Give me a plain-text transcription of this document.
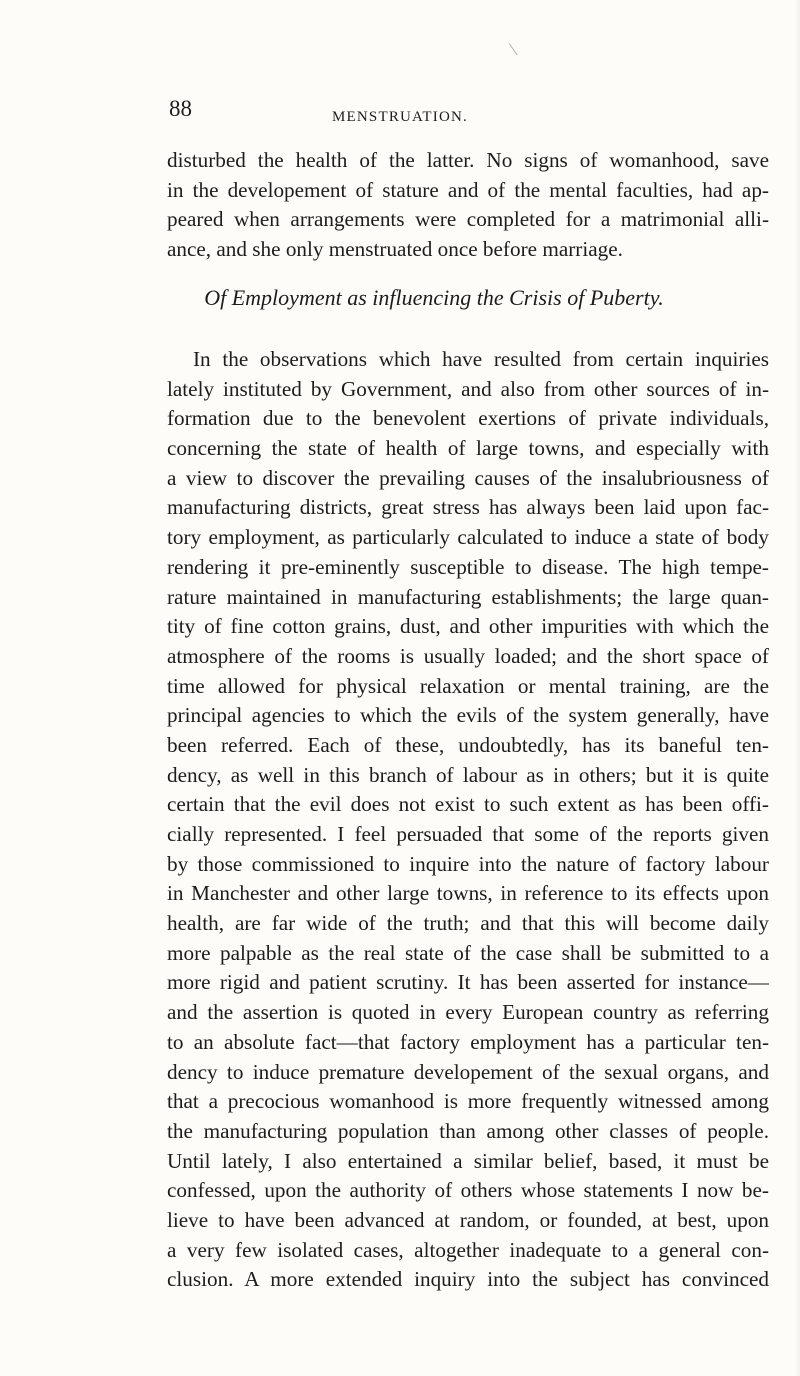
88	MENSTRUATION.
disturbed the health of the latter. No signs of womanhood, save
in the developement of stature and of the mental faculties, had ap-
peared when arrangements were completed for a matrimonial alli-
ance, and she only menstruated once before marriage.
Of Employment as influencing the Crisis of Puberty.
In the observations which have resulted from certain inquiries
lately instituted by Government, and also from other sources of in-
formation due to the benevolent exertions of private individuals,
concerning the state of health of large towns, and especially with
a view to discover the prevailing causes of the insalubriousness of
manufacturing districts, great stress has always been laid upon fac-
tory employment, as particularly calculated to induce a state of body
rendering it pre-eminently susceptible to disease. The high tempe-
rature maintained in manufacturing establishments; the large quan-
tity of fine cotton grains, dust, and other impurities with which the
atmosphere of the rooms is usually loaded; and the short space of
time allowed for physical relaxation or mental training, are the
principal agencies to which the evils of the system generally, have
been referred. Each of these, undoubtedly, has its baneful ten-
dency, as well in this branch of labour as in others; but it is quite
certain that the evil does not exist to such extent as has been offi-
cially represented. I feel persuaded that some of the reports given
by those commissioned to inquire into the nature of factory labour
in Manchester and other large towns, in reference to its effects upon
health, are far wide of the truth; and that this will become daily
more palpable as the real state of the case shall be submitted to a
more rigid and patient scrutiny. It has been asserted for instance—
and the assertion is quoted in every European country as referring
to an absolute fact—that factory employment has a particular ten-
dency to induce premature developement of the sexual organs, and
that a precocious womanhood is more frequently witnessed among
the manufacturing population than among other classes of people.
Until lately, I also entertained a similar belief, based, it must be
confessed, upon the authority of others whose statements I now be-
lieve to have been advanced at random, or founded, at best, upon
a very few isolated cases, altogether inadequate to a general con-
clusion. A more extended inquiry into the subject has convinced
